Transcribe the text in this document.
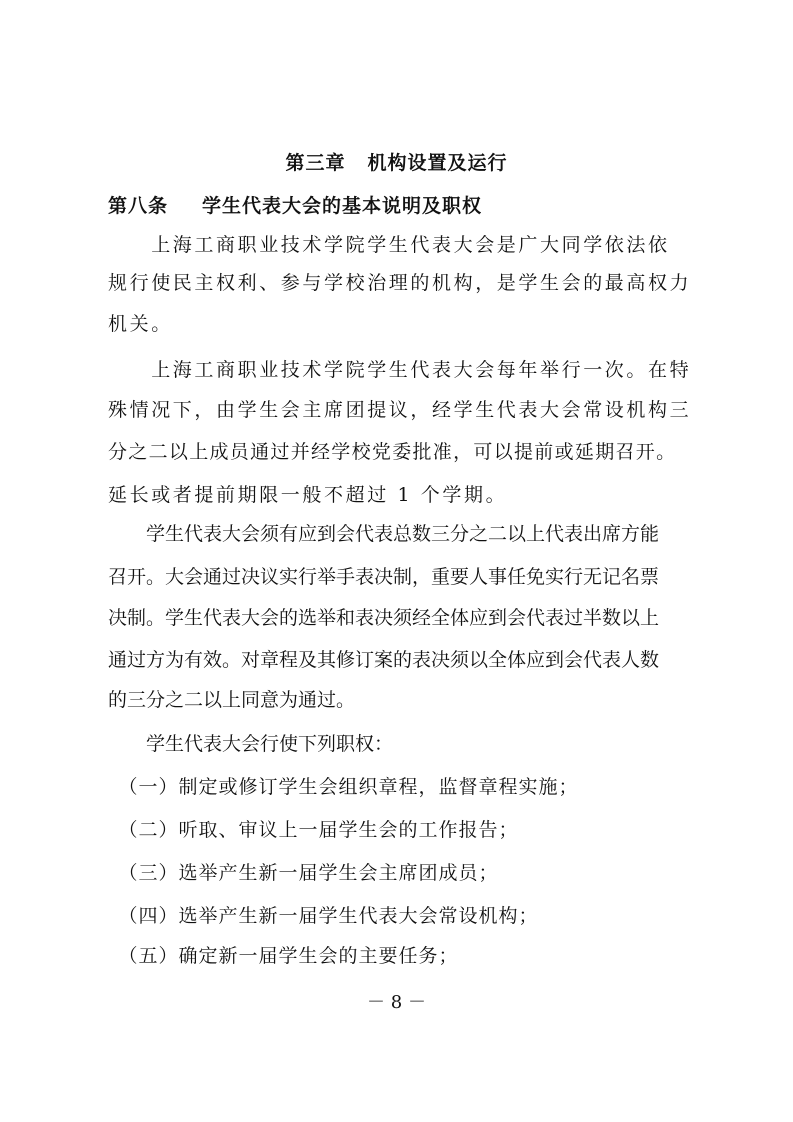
第三章 机构设置及运行
第八条 学生代表大会的基本说明及职权

　　上海工商职业技术学院学生代表大会是广大同学依法依

规行使民主权利、参与学校治理的机构，是学生会的最高权力

机关。

　　上海工商职业技术学院学生代表大会每年举行一次。在特

殊情况下，由学生会主席团提议，经学生代表大会常设机构三

分之二以上成员通过并经学校党委批准，可以提前或延期召开。

延长或者提前期限一般不超过 1 个学期。

　　学生代表大会须有应到会代表总数三分之二以上代表出席方能

召开。大会通过决议实行举手表决制，重要人事任免实行无记名票

决制。学生代表大会的选举和表决须经全体应到会代表过半数以上

通过方为有效。对章程及其修订案的表决须以全体应到会代表人数

的三分之二以上同意为通过。

　　学生代表大会行使下列职权：

　（一）制定或修订学生会组织章程，监督章程实施；

　（二）听取、审议上一届学生会的工作报告；

　（三）选举产生新一届学生会主席团成员；

　（四）选举产生新一届学生代表大会常设机构；

　（五）确定新一届学生会的主要任务；

－ 8 －
